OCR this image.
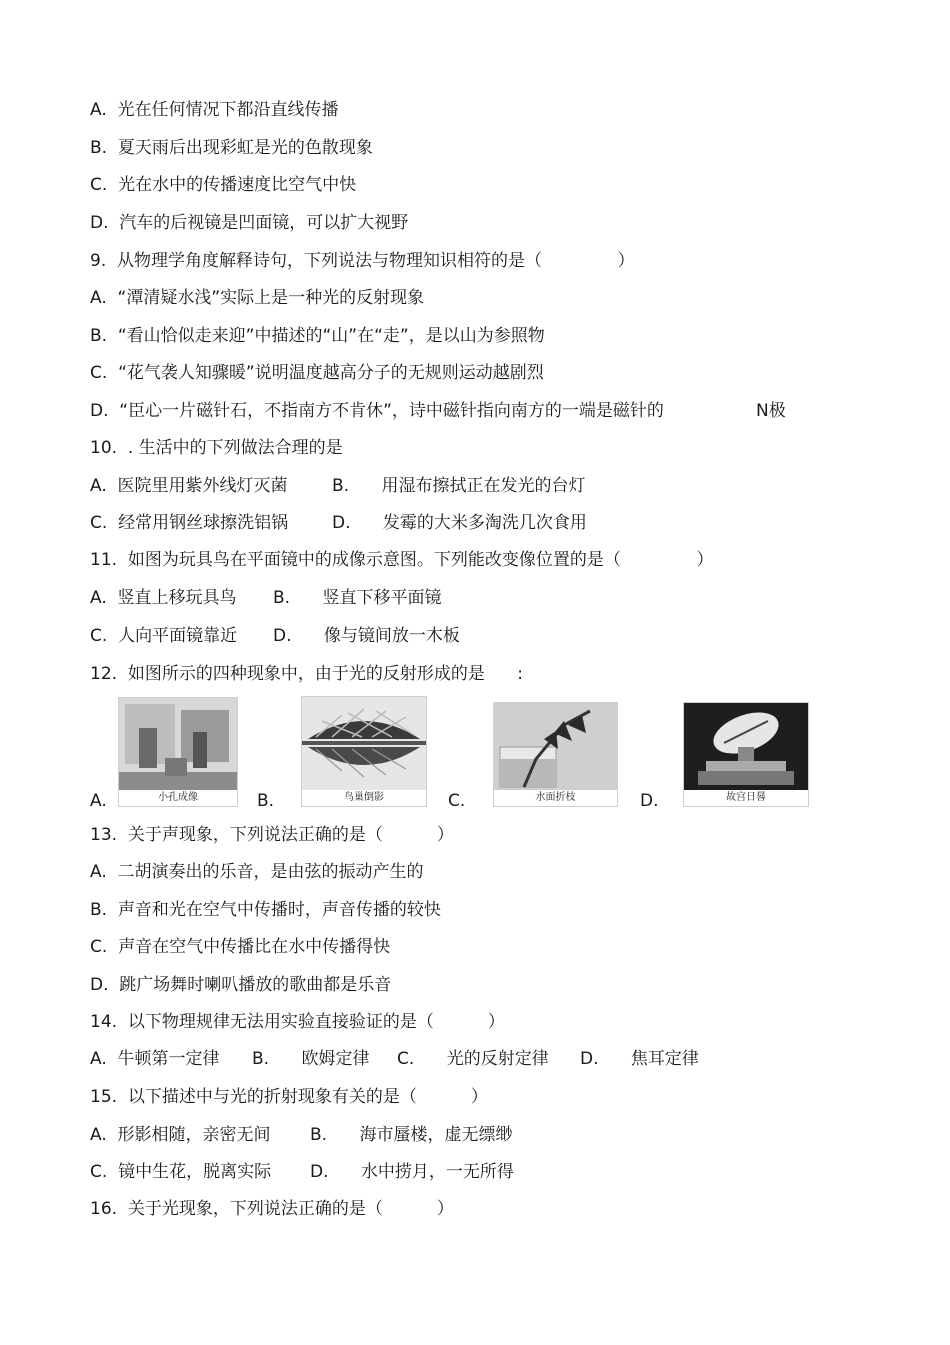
A.  光在任何情况下都沿直线传播
B.  夏天雨后出现彩虹是光的色散现象
C.  光在水中的传播速度比空气中快
D.  汽车的后视镜是凹面镜，可以扩大视野
9.  从物理学角度解释诗句，下列说法与物理知识相符的是（              ）
A.  “潭清疑水浅”实际上是一种光的反射现象
B.  “看山恰似走来迎”中描述的“山”在“走”，是以山为参照物
C.  “花气袭人知骤暖”说明温度越高分子的无规则运动越剧烈
D.  “臣心一片磁针石，不指南方不肯休”，诗中磁针指向南方的一端是磁针的	N极
10.  . 生活中的下列做法合理的是
A.  医院里用紫外线灯灭菌	B.      用湿布擦拭正在发光的台灯
C.  经常用钢丝球擦洗铝锅	D.      发霉的大米多淘洗几次食用
11.  如图为玩具鸟在平面镜中的成像示意图。下列能改变像位置的是（              ）
A.  竖直上移玩具鸟 B.      竖直下移平面镜
C.  人向平面镜靠近 D.      像与镜间放一木板
12.  如图所示的四种现象中，由于光的反射形成的是      :
A.	小孔成像	B.	鸟巢倒影	C.	水面折枝	D.	故宫日晷
13.  关于声现象，下列说法正确的是（          ）
A.  二胡演奏出的乐音，是由弦的振动产生的
B.  声音和光在空气中传播时，声音传播的较快
C.  声音在空气中传播比在水中传播得快
D.  跳广场舞时喇叭播放的歌曲都是乐音
14.  以下物理规律无法用实验直接验证的是（          ）
A.  牛顿第一定律 B.      欧姆定律 C.      光的反射定律 D.      焦耳定律
15.  以下描述中与光的折射现象有关的是（          ）
A.  形影相随，亲密无间 B.      海市蜃楼，虚无缥缈
C.  镜中生花，脱离实际 D.      水中捞月，一无所得
16.  关于光现象，下列说法正确的是（          ）
